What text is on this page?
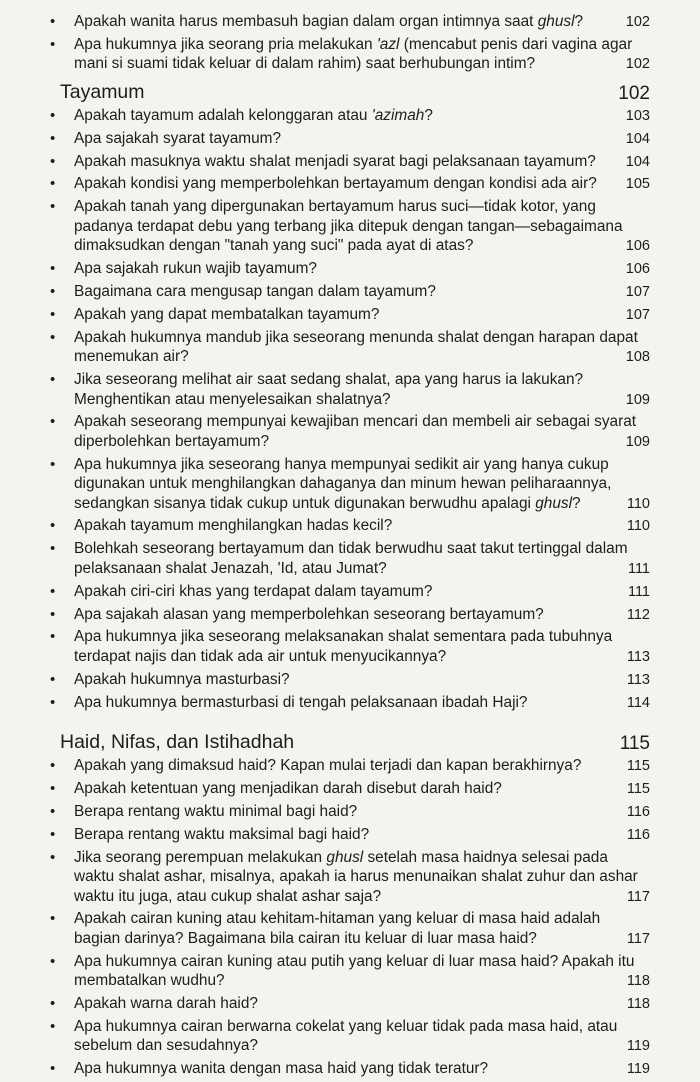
• Apakah wanita harus membasuh bagian dalam organ intimnya saat ghusl?	102
• Apa hukumnya jika seorang pria melakukan 'azl (mencabut penis dari vagina agar mani si suami tidak keluar di dalam rahim) saat berhubungan intim?	102
Tayamum	102
• Apakah tayamum adalah kelonggaran atau 'azimah?	103
• Apa sajakah syarat tayamum?	104
• Apakah masuknya waktu shalat menjadi syarat bagi pelaksanaan tayamum? 104
• Apakah kondisi yang memperbolehkan bertayamum dengan kondisi ada air? 105
• Apakah tanah yang dipergunakan bertayamum harus suci—tidak kotor, yang padanya terdapat debu yang terbang jika ditepuk dengan tangan—sebagaimana dimaksudkan dengan "tanah yang suci" pada ayat di atas?	106
• Apa sajakah rukun wajib tayamum?	106
• Bagaimana cara mengusap tangan dalam tayamum?	107
• Apakah yang dapat membatalkan tayamum?	107
• Apakah hukumnya mandub jika seseorang menunda shalat dengan harapan dapat menemukan air?	108
• Jika seseorang melihat air saat sedang shalat, apa yang harus ia lakukan? Menghentikan atau menyelesaikan shalatnya?	109
• Apakah seseorang mempunyai kewajiban mencari dan membeli air sebagai syarat diperbolehkan bertayamum?	109
• Apa hukumnya jika seseorang hanya mempunyai sedikit air yang hanya cukup digunakan untuk menghilangkan dahaganya dan minum hewan peliharaannya, sedangkan sisanya tidak cukup untuk digunakan berwudhu apalagi ghusl?	110
• Apakah tayamum menghilangkan hadas kecil?	110
• Bolehkah seseorang bertayamum dan tidak berwudhu saat takut tertinggal dalam pelaksanaan shalat Jenazah, 'Id, atau Jumat?	111
• Apakah ciri-ciri khas yang terdapat dalam tayamum?	111
• Apa sajakah alasan yang memperbolehkan seseorang bertayamum?	112
• Apa hukumnya jika seseorang melaksanakan shalat sementara pada tubuhnya terdapat najis dan tidak ada air untuk menyucikannya?	113
• Apakah hukumnya masturbasi?	113
• Apa hukumnya bermasturbasi di tengah pelaksanaan ibadah Haji?	114
Haid, Nifas, dan Istihadhah	115
• Apakah yang dimaksud haid? Kapan mulai terjadi dan kapan berakhirnya?	115
• Apakah ketentuan yang menjadikan darah disebut darah haid?	115
• Berapa rentang waktu minimal bagi haid?	116
• Berapa rentang waktu maksimal bagi haid?	116
• Jika seorang perempuan melakukan ghusl setelah masa haidnya selesai pada waktu shalat ashar, misalnya, apakah ia harus menunaikan shalat zuhur dan ashar waktu itu juga, atau cukup shalat ashar saja?	117
• Apakah cairan kuning atau kehitam-hitaman yang keluar di masa haid adalah bagian darinya? Bagaimana bila cairan itu keluar di luar masa haid?	117
• Apa hukumnya cairan kuning atau putih yang keluar di luar masa haid? Apakah itu membatalkan wudhu?	118
• Apakah warna darah haid?	118
• Apa hukumnya cairan berwarna cokelat yang keluar tidak pada masa haid, atau sebelum dan sesudahnya?	119
• Apa hukumnya wanita dengan masa haid yang tidak teratur?	119
